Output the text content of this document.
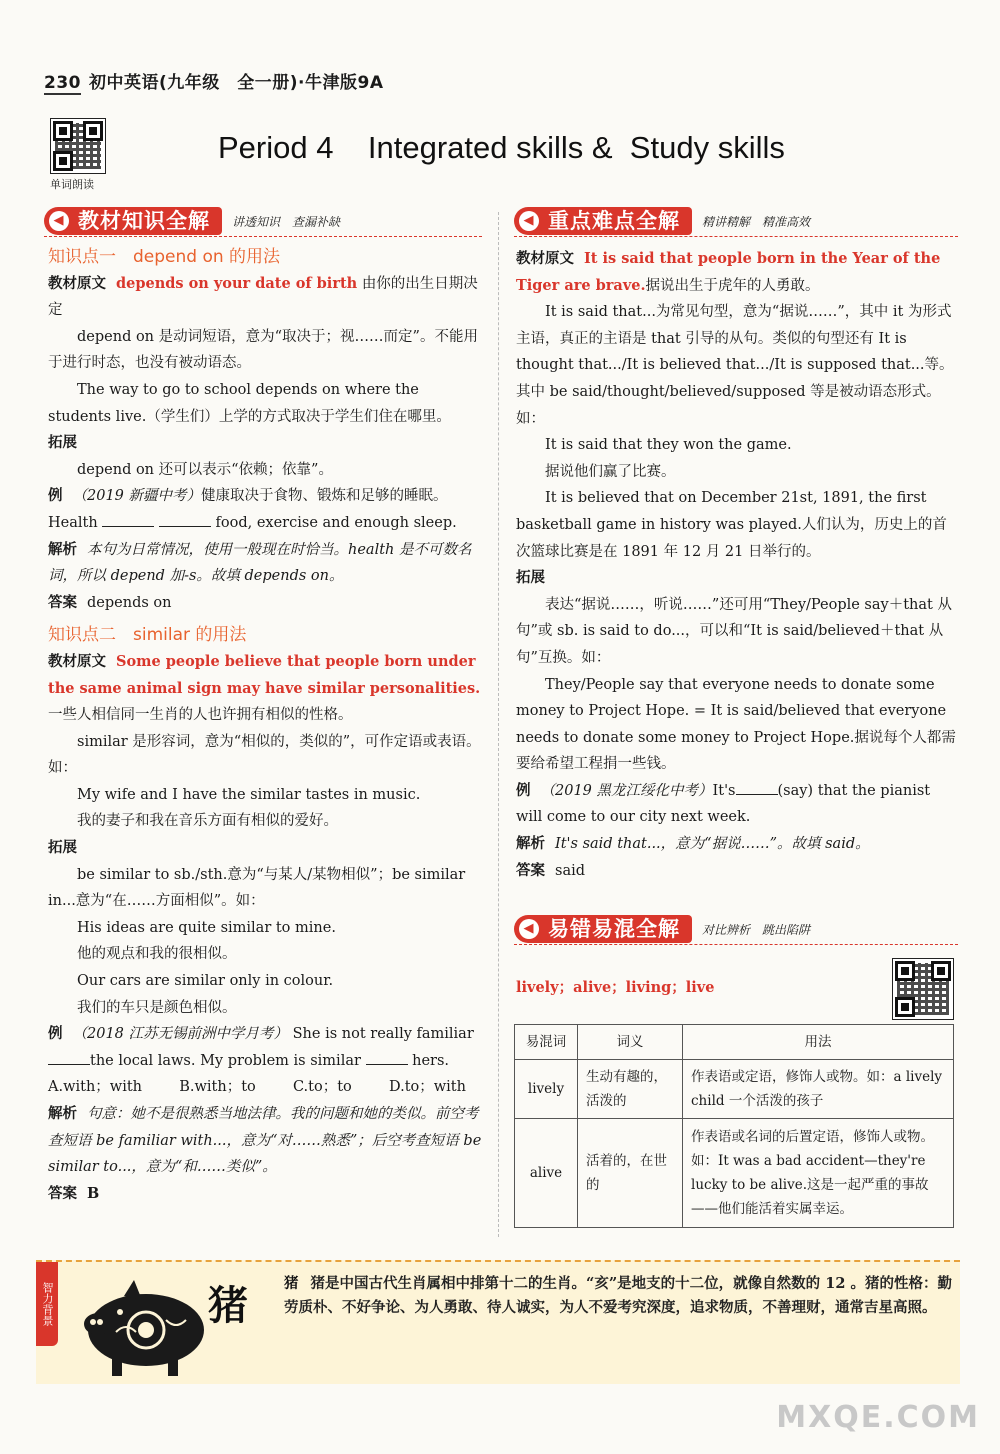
230 初中英语(九年级　全一册)·牛津版9A
单词朗读
Period 4    Integrated skills &  Study skills
◀ 教材知识全解	讲透知识　查漏补缺	◀ 重点难点全解	精讲精解　精准高效

知识点一　depend on 的用法

教材原文 depends on your date of birth 由你的出生日期决定

depend on 是动词短语，意为“取决于；视……而定”。不能用于进行时态，也没有被动语态。

The way to go to school depends on where the students live.（学生们）上学的方式取决于学生们住在哪里。

拓展

depend on 还可以表示“依赖；依靠”。

例 （2019 新疆中考）健康取决于食物、锻炼和足够的睡眠。

Health	food, exercise and enough sleep.

解析 本句为日常情况，使用一般现在时恰当。health 是不可数名词，所以 depend 加-s。故填 depends on。

答案 depends on

知识点二　similar 的用法

教材原文 Some people believe that people born under the same animal sign may have similar personalities.一些人相信同一生肖的人也许拥有相似的性格。

similar 是形容词，意为“相似的，类似的”，可作定语或表语。如：

My wife and I have the similar tastes in music.

我的妻子和我在音乐方面有相似的爱好。

拓展

be similar to sb./sth.意为“与某人/某物相似”；be similar in...意为“在……方面相似”。如：

His ideas are quite similar to mine.

他的观点和我的很相似。

Our cars are similar only in colour.

我们的车只是颜色相似。

例 （2018 江苏无锡前洲中学月考） She is not really familiar

the local laws. My problem is similar	hers.

A.with；with	B.with；to	C.to；to	D.to；with

解析 句意：她不是很熟悉当地法律。我的问题和她的类似。前空考查短语 be familiar with...，意为“对……熟悉”；后空考查短语 be similar to...，意为“和……类似”。

答案 B

教材原文 It is said that people born in the Year of the Tiger are brave.据说出生于虎年的人勇敢。

It is said that...为常见句型，意为“据说……”，其中 it 为形式主语，真正的主语是 that 引导的从句。类似的句型还有 It is thought that.../It is believed that.../It is supposed that...等。其中 be said/thought/believed/supposed 等是被动语态形式。如：

It is said that they won the game.

据说他们赢了比赛。

It is believed that on December 21st, 1891, the first basketball game in history was played.人们认为，历史上的首次篮球比赛是在 1891 年 12 月 21 日举行的。

拓展

表达“据说……，听说……”还可用“They/People say＋that 从句”或 sb. is said to do...，可以和“It is said/believed＋that 从句”互换。如：

They/People say that everyone needs to donate some money to Project Hope. = It is said/believed that everyone needs to donate some money to Project Hope.据说每个人都需要给希望工程捐一些钱。

例 （2019 黑龙江绥化中考）It's	(say) that the pianist will come to our city next week.

解析 It's said that...，意为“据说……”。故填 said。

答案 said

◀ 易错易混全解	对比辨析　跳出陷阱
lively；alive；living；live
易混词	词义	用法
lively	生动有趣的，活泼的	作表语或定语，修饰人或物。如：a lively child 一个活泼的孩子
alive	活着的，在世的	作表语或名词的后置定语，修饰人或物。如：It was a bad accident—they're lucky to be alive.这是一起严重的事故——他们能活着实属幸运。
智力背景	猪 猪 猪是中国古代生肖属相中排第十二的生肖。“亥”是地支的十二位，就像自然数的 12 。猪的性格：勤劳质朴、不好争论、为人勇敢、待人诚实，为人不爱考究深度，追求物质，不善理财，通常吉星高照。
MXQE.COM
